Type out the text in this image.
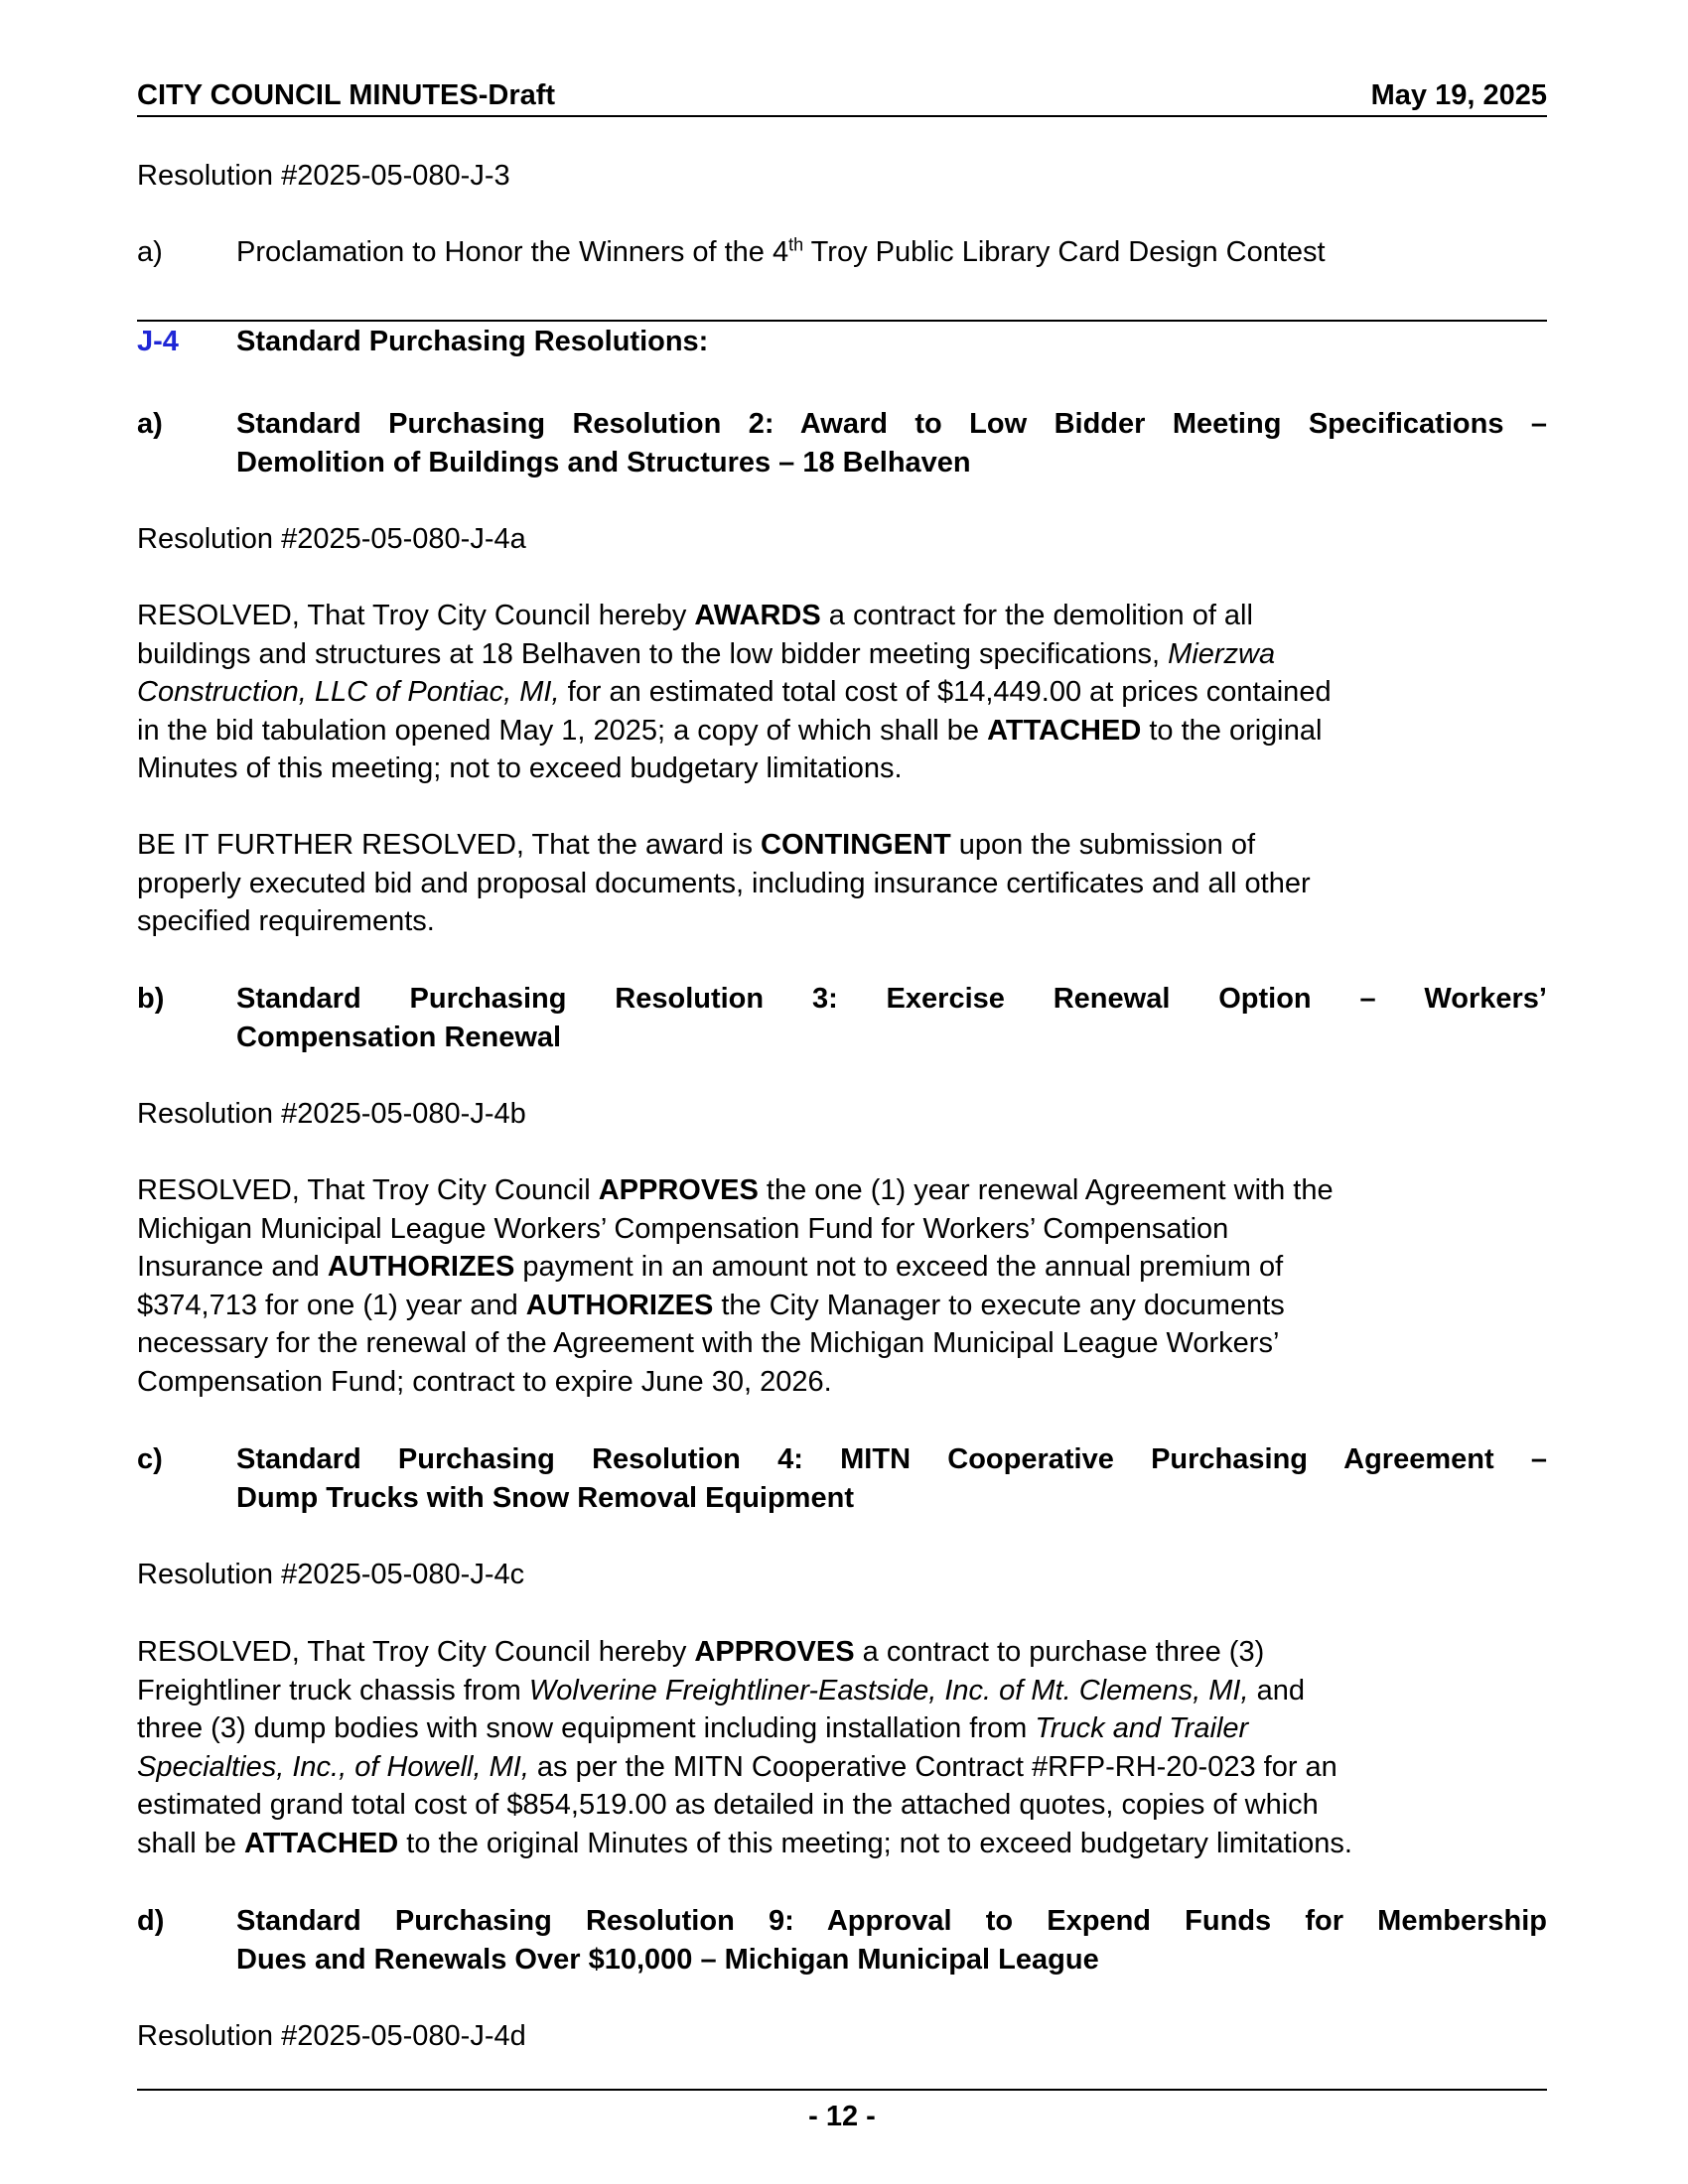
CITY COUNCIL MINUTES-Draft	May 19, 2025
Resolution #2025-05-080-J-3
a)	Proclamation to Honor the Winners of the 4th Troy Public Library Card Design Contest
J-4 Standard Purchasing Resolutions:
a)	Standard Purchasing Resolution 2: Award to Low Bidder Meeting Specifications –
Demolition of Buildings and Structures – 18 Belhaven
Resolution #2025-05-080-J-4a
RESOLVED, That Troy City Council hereby AWARDS a contract for the demolition of all
buildings and structures at 18 Belhaven to the low bidder meeting specifications, Mierzwa
Construction, LLC of Pontiac, MI, for an estimated total cost of $14,449.00 at prices contained
in the bid tabulation opened May 1, 2025; a copy of which shall be ATTACHED to the original
Minutes of this meeting; not to exceed budgetary limitations.
BE IT FURTHER RESOLVED, That the award is CONTINGENT upon the submission of
properly executed bid and proposal documents, including insurance certificates and all other
specified requirements.
b)	Standard Purchasing Resolution 3: Exercise Renewal Option – Workers’
Compensation Renewal
Resolution #2025-05-080-J-4b
RESOLVED, That Troy City Council APPROVES the one (1) year renewal Agreement with the
Michigan Municipal League Workers’ Compensation Fund for Workers’ Compensation
Insurance and AUTHORIZES payment in an amount not to exceed the annual premium of
$374,713 for one (1) year and AUTHORIZES the City Manager to execute any documents
necessary for the renewal of the Agreement with the Michigan Municipal League Workers’
Compensation Fund; contract to expire June 30, 2026.
c)	Standard Purchasing Resolution 4: MITN Cooperative Purchasing Agreement –
Dump Trucks with Snow Removal Equipment
Resolution #2025-05-080-J-4c
RESOLVED, That Troy City Council hereby APPROVES a contract to purchase three (3)
Freightliner truck chassis from Wolverine Freightliner-Eastside, Inc. of Mt. Clemens, MI, and
three (3) dump bodies with snow equipment including installation from Truck and Trailer
Specialties, Inc., of Howell, MI, as per the MITN Cooperative Contract #RFP-RH-20-023 for an
estimated grand total cost of $854,519.00 as detailed in the attached quotes, copies of which
shall be ATTACHED to the original Minutes of this meeting; not to exceed budgetary limitations.
d)	Standard Purchasing Resolution 9: Approval to Expend Funds for Membership
Dues and Renewals Over $10,000 – Michigan Municipal League
Resolution #2025-05-080-J-4d
- 12 -
